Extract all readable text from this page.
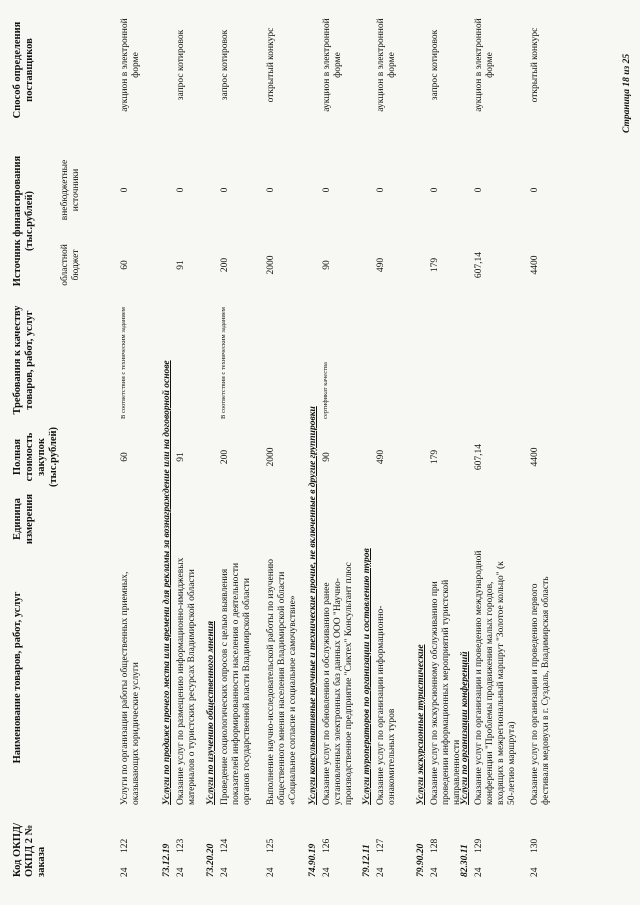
Код ОКПД/ ОКПД 2 № заказа
Наименование товаров, работ, услуг
Единица измерения
Полная стоимость закупок (тыс.рублей)
Требования к качеству товаров, работ, услуг
Источник финансирования (тыс.рублей)
областной бюджет
внебюджетные источники
Способ определения поставщиков
24
122
Услуги по организации работы общественных приемных, оказывающих юридические услуги
60
В соответствии с техническим заданием
60
0
аукцион в электронной форме
73.12.19
Услуги по продаже прочего места или времени для рекламы за вознаграждение или на договорной основе
24
123
Оказание услуг по размещению информационно-имиджевых материалов о туристских ресурсах Владимирской области
91
91
0
запрос котировок
73.20.20
Услуги по изучению общественного мнения
24
124
Проведение социологических опросов с целью выявления показателей информированности населения о деятельности органов государственной власти Владимирской области
200
В соответствии с техническим заданием
200
0
запрос котировок
24
125
Выполнение научно-исследовательской работы по изучению общественного мнения населения Владимирской области «Социальное согласие и социальное самочувствие»
2000
2000
0
открытый конкурс
74.90.19
Услуги консультативные научные и технические прочие, не включенные в другие группировки
24
126
Оказание услуг по обновлению и обслуживанию ранее установленных электронных баз данных ООО "Научно-производственное предприятие "Сиктех" Консультант плюс
90
сертификат качества
90
0
аукцион в электронной форме
79.12.11
Услуги туроператоров по организации и составлению туров
24
127
Оказание услуг по организации информационно-ознакомительных туров
490
490
0
аукцион в электронной форме
79.90.20
Услуги экскурсионные туристические
24
128
Оказание услуг по экскурсионному обслуживанию при проведении информационных мероприятий туристской направленности
179
179
0
запрос котировок
82.30.11
Услуги по организации конференций
24
129
Оказание услуг по организации и проведению международной конференции "Проблемы продвижения малых городов, входящих в межрегиональный маршрут "Золотое кольцо" (к 50-летию маршрута)
607,14
607,14
0
аукцион в электронной форме
24
130
Оказание услуг по организации и проведению первого фестиваля медовухи в г. Суздаль, Владимирская область
4400
4400
0
открытый конкурс	Страница 18 из 25
